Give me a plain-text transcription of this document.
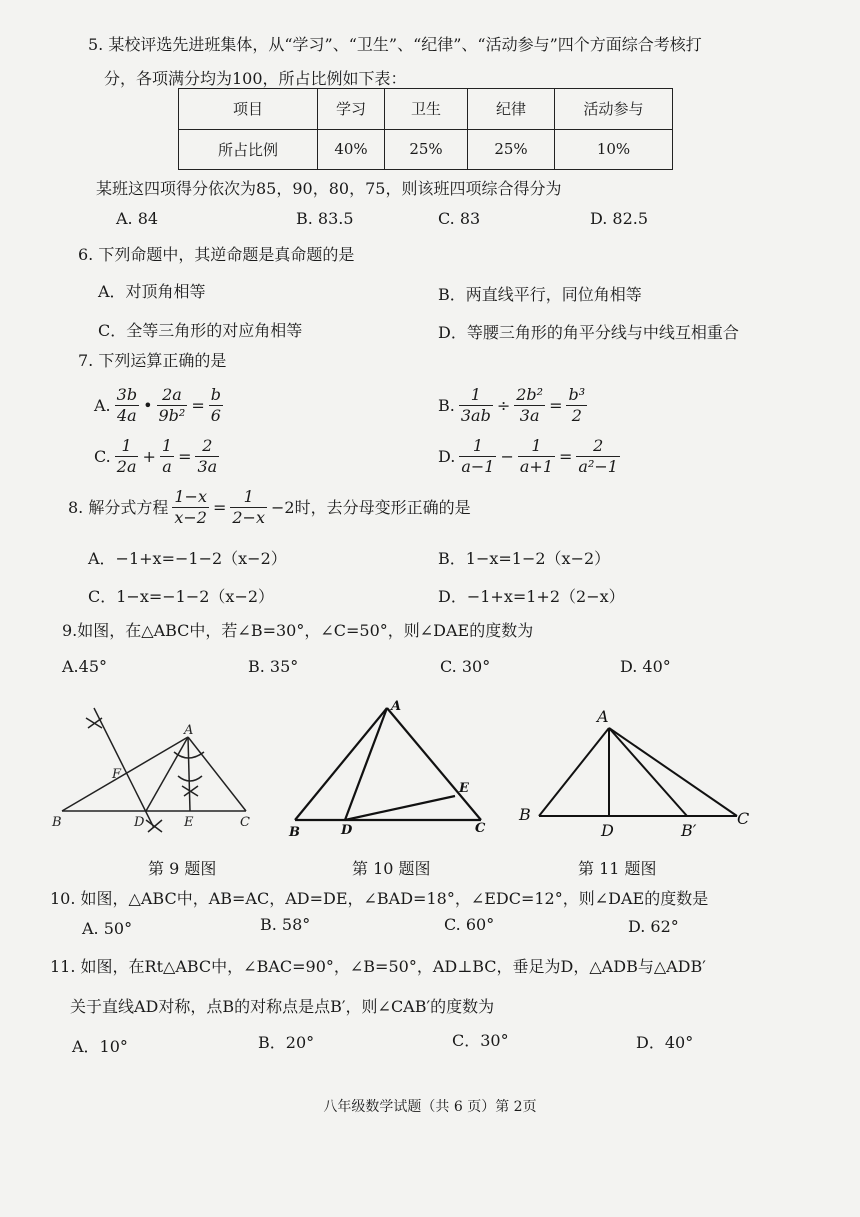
5. 某校评选先进班集体，从“学习”、“卫生”、“纪律”、“活动参与”四个方面综合考核打
分，各项满分均为100，所占比例如下表：
项目	学习	卫生	纪律	活动参与
所占比例	40%	25%	25%	10%
某班这四项得分依次为85，90，80，75，则该班四项综合得分为
A. 84	B. 83.5	C. 83	D. 82.5
6. 下列命题中，其逆命题是真命题的是
A．对顶角相等	B．两直线平行，同位角相等
C．全等三角形的对应角相等	D．等腰三角形的角平分线与中线互相重合
7. 下列运算正确的是
A. $\frac{3b}{4a}$ • $\frac{2a}{\text{9b²}} = \frac{b}{6}$	B. $\frac{1}{3ab} \div \frac{\text{2b²}}{3a} = \frac{\text{b³}}{2}$
C. $\frac{1}{2a} + \frac{1}{a} = \frac{2}{3a}$	D. $\frac{1}{a-1} - \frac{1}{a+1} = \frac{2}{\text{a²−1}}$
8. 解分式方程 $\frac{1-x}{x-2} = \frac{1}{2-x} -2$时，去分母变形正确的是
A．−1+x=−1−2（x−2）	B．1−x=1−2（x−2）
C．1−x=−1−2（x−2）	D．−1+x=1+2（2−x）
9.如图，在△ABC中，若∠B=30°，∠C=50°，则∠DAE的度数为
A.45°	B. 35°	C. 30°	D. 40°
A
B	C
D	E
F
A
B	C
D
E
A
B	C
D	B′
第 9 题图	第 10 题图	第 11 题图
10. 如图，△ABC中，AB=AC，AD=DE，∠BAD=18°，∠EDC=12°，则∠DAE的度数是
A. 50°	B. 58°	C. 60°	D. 62°
11. 如图，在Rt△ABC中，∠BAC=90°，∠B=50°，AD⊥BC，垂足为D，△ADB与△ADB′
关于直线AD对称，点B的对称点是点B′，则∠CAB′的度数为
A．10°	B．20°	C．30°	D．40°
八年级数学试题（共 6 页）第 2页
